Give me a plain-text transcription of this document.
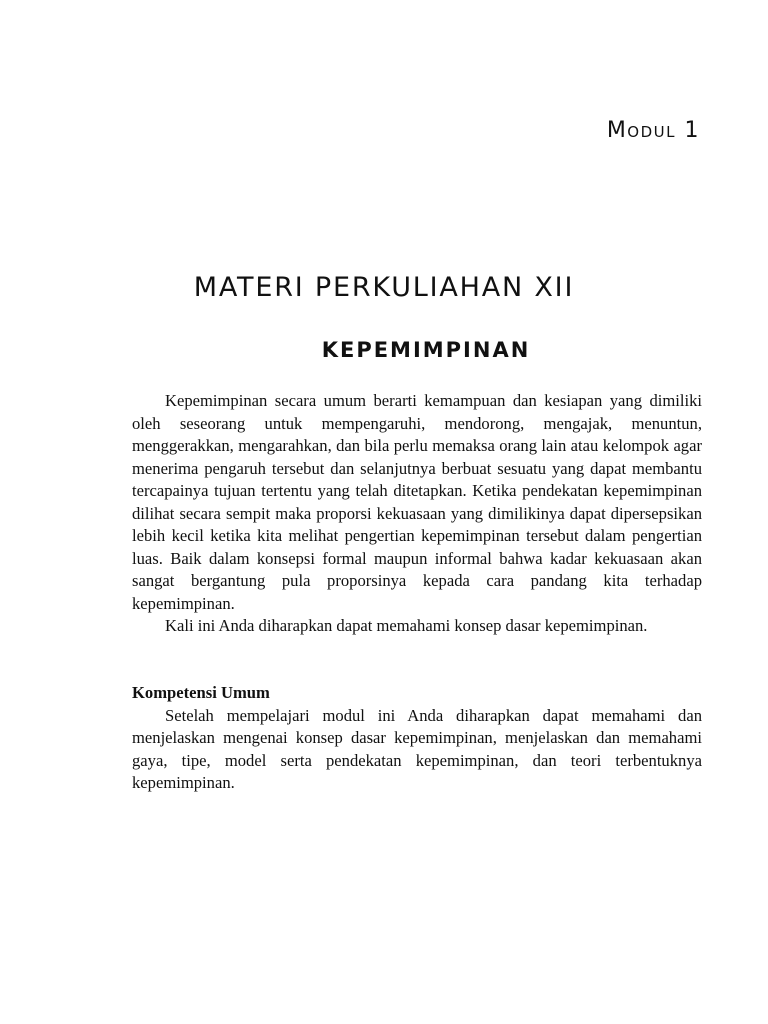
Modul 1
MATERI PERKULIAHAN XII
KEPEMIMPINAN

Kepemimpinan secara umum berarti kemampuan dan kesiapan yang dimiliki oleh seseorang untuk mempengaruhi, mendorong, mengajak, menuntun, menggerakkan, mengarahkan, dan bila perlu memaksa orang lain atau kelompok agar menerima pengaruh tersebut dan selanjutnya berbuat sesuatu yang dapat membantu tercapainya tujuan tertentu yang telah ditetapkan. Ketika pendekatan kepemimpinan dilihat secara sempit maka proporsi kekuasaan yang dimilikinya dapat dipersepsikan lebih kecil ketika kita melihat pengertian kepemimpinan tersebut dalam pengertian luas. Baik dalam konsepsi formal maupun informal bahwa kadar kekuasaan akan sangat bergantung pula proporsinya kepada cara pandang kita terhadap kepemimpinan.

Kali ini Anda diharapkan dapat memahami konsep dasar kepemimpinan.

Kompetensi Umum

Setelah mempelajari modul ini Anda diharapkan dapat memahami dan menjelaskan mengenai konsep dasar kepemimpinan, menjelaskan dan memahami gaya, tipe, model serta pendekatan kepemimpinan, dan teori terbentuknya kepemimpinan.
